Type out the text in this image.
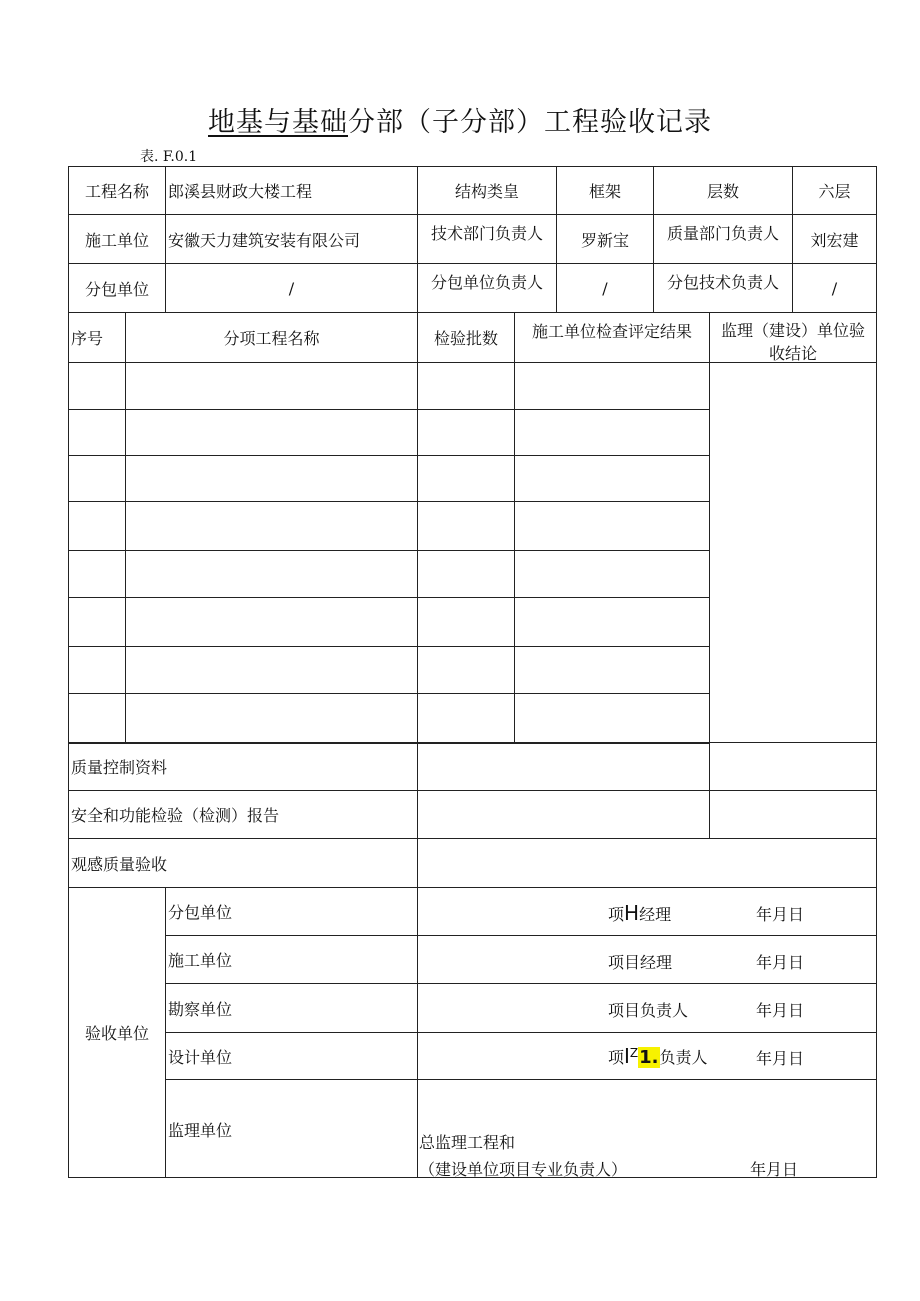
地基与基础分部（子分部）工程验收记录
表. F.0.1
工程名称	郎溪县财政大楼工程	结构类皇	框架	层数	六层
施工单位	安徽天力建筑安装有限公司	技术部门负责人	罗新宝	质量部门负责人	刘宏建
分包单位	/	分包单位负责人	/	分包技术负责人	/
序号	分项工程名称	检验批数	施工单位检查评定结果	监理（建设）单位验收结论
质量控制资料
安全和功能检验（检测）报告
观感质量验收
验收单位
分包单位	项H经理	年月日
施工单位	项目经理	年月日
勘察单位	项目负责人	年月日
设计单位	项$I^Z1$.负责人	年月日
监理单位
总监理工程和
（建设单位项目专业负责人）	年月日
